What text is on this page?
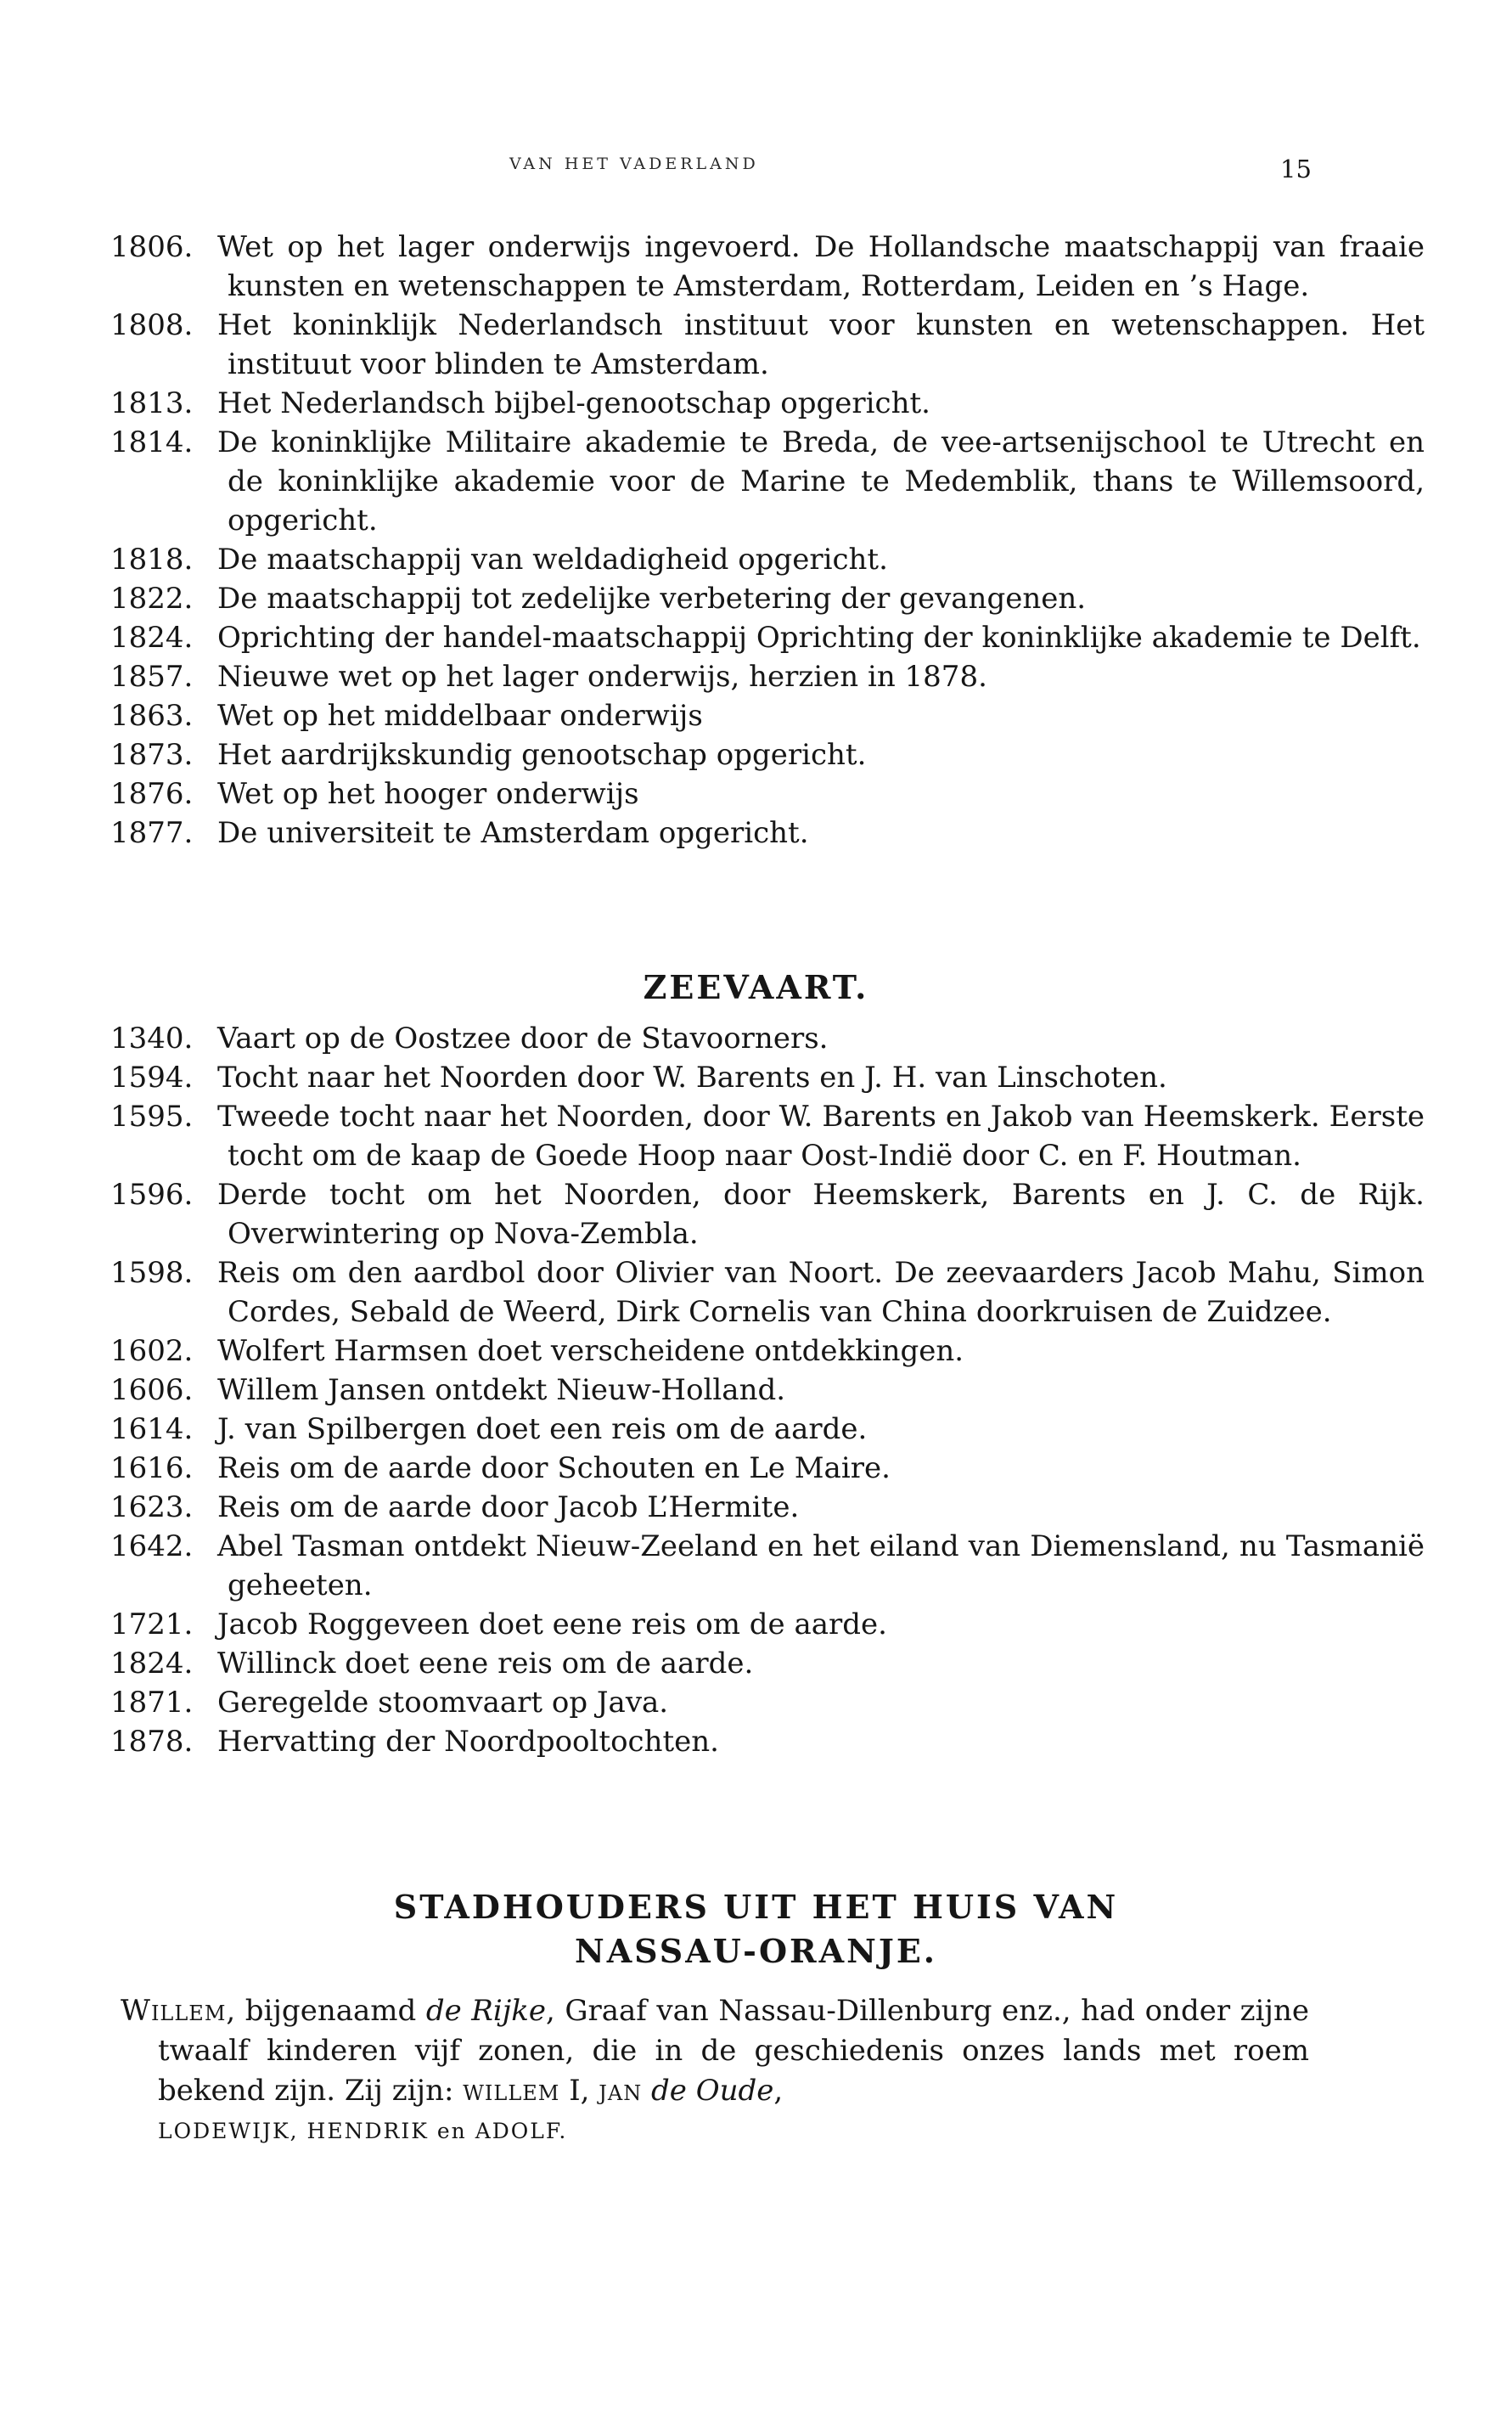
VAN HET VADERLAND	15
1806. Wet op het lager onderwijs ingevoerd. De Hollandsche maatschappij van fraaie kunsten en wetenschappen te Amsterdam, Rotterdam, Leiden en ’s Hage.
1808. Het koninklijk Nederlandsch instituut voor kunsten en wetenschappen. Het instituut voor blinden te Amsterdam.
1813. Het Nederlandsch bijbel-genootschap opgericht.
1814. De koninklijke Militaire akademie te Breda, de vee-artsenijschool te Utrecht en de koninklijke akademie voor de Marine te Medemblik, thans te Willemsoord, opgericht.
1818. De maatschappij van weldadigheid opgericht.
1822. De maatschappij tot zedelijke verbetering der gevangenen.
1824. Oprichting der handel-maatschappij Oprichting der koninklijke akademie te Delft.
1857. Nieuwe wet op het lager onderwijs, herzien in 1878.
1863. Wet op het middelbaar onderwijs
1873. Het aardrijkskundig genootschap opgericht.
1876. Wet op het hooger onderwijs
1877. De universiteit te Amsterdam opgericht.
ZEEVAART.
1340. Vaart op de Oostzee door de Stavoorners.
1594. Tocht naar het Noorden door W. Barents en J. H. van Linschoten.
1595. Tweede tocht naar het Noorden, door W. Barents en Jakob van Heemskerk. Eerste tocht om de kaap de Goede Hoop naar Oost-Indië door C. en F. Houtman.
1596. Derde tocht om het Noorden, door Heemskerk, Barents en J. C. de Rijk. Overwintering op Nova-Zembla.
1598. Reis om den aardbol door Olivier van Noort. De zeevaarders Jacob Mahu, Simon Cordes, Sebald de Weerd, Dirk Cornelis van China doorkruisen de Zuidzee.
1602. Wolfert Harmsen doet verscheidene ontdekkingen.
1606. Willem Jansen ontdekt Nieuw-Holland.
1614. J. van Spilbergen doet een reis om de aarde.
1616. Reis om de aarde door Schouten en Le Maire.
1623. Reis om de aarde door Jacob L’Hermite.
1642. Abel Tasman ontdekt Nieuw-Zeeland en het eiland van Diemensland, nu Tasmanië geheeten.
1721. Jacob Roggeveen doet eene reis om de aarde.
1824. Willinck doet eene reis om de aarde.
1871. Geregelde stoomvaart op Java.
1878. Hervatting der Noordpooltochten.
STADHOUDERS UIT HET HUIS VAN
NASSAU-ORANJE.
Willem, bijgenaamd de Rijke, Graaf van Nassau-Dillenburg enz., had onder zijne twaalf kinderen vijf zonen, die in de geschiedenis onzes lands met roem bekend zijn. Zij zijn: willem I, jan de Oude,
LODEWIJK, HENDRIK en ADOLF.
